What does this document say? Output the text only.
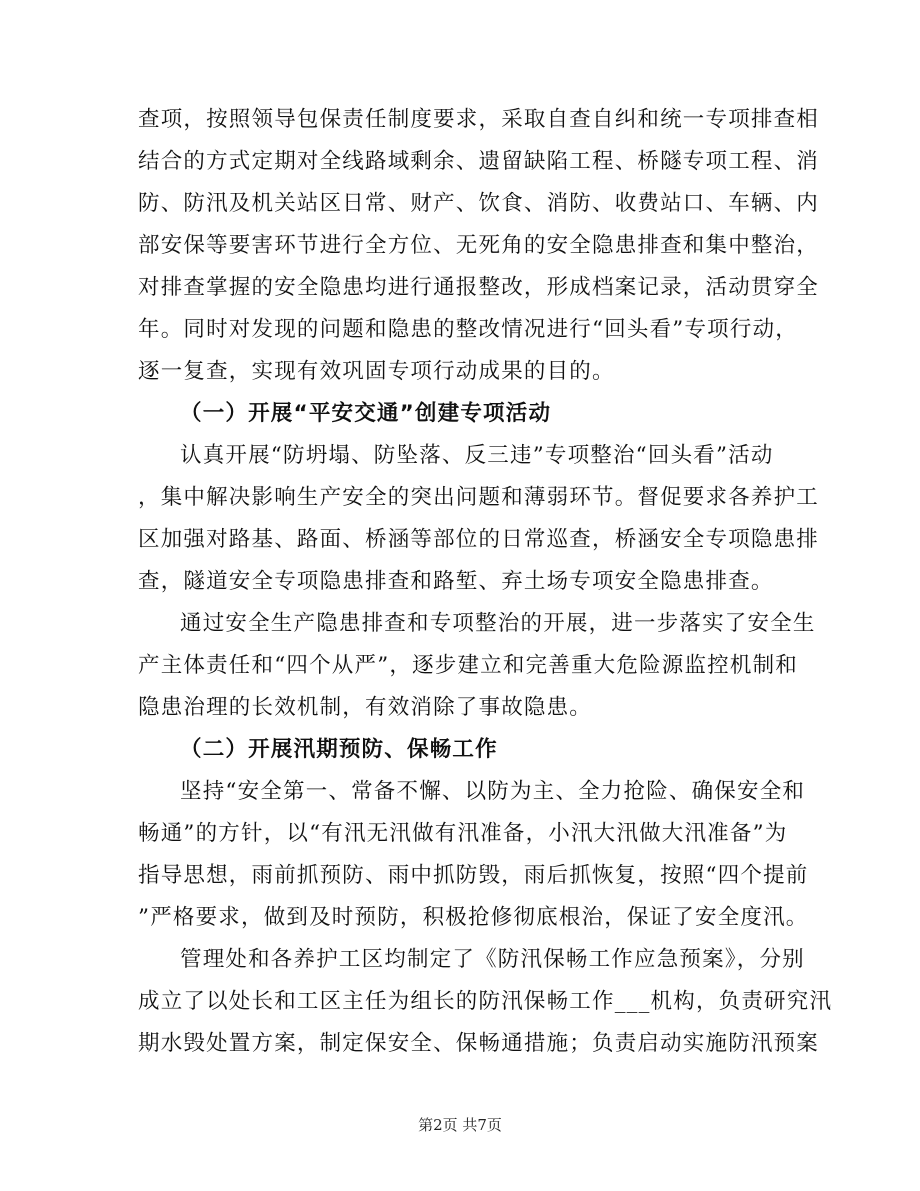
查项，按照领导包保责任制度要求，采取自查自纠和统一专项排查相
结合的方式定期对全线路域剩余、遗留缺陷工程、桥隧专项工程、消
防、防汛及机关站区日常、财产、饮食、消防、收费站口、车辆、内
部安保等要害环节进行全方位、无死角的安全隐患排查和集中整治，
对排查掌握的安全隐患均进行通报整改，形成档案记录，活动贯穿全
年。同时对发现的问题和隐患的整改情况进行“回头看”专项行动，
逐一复查，实现有效巩固专项行动成果的目的。
（一）开展“平安交通”创建专项活动
认真开展“防坍塌、防坠落、反三违”专项整治“回头看”活动
，集中解决影响生产安全的突出问题和薄弱环节。督促要求各养护工
区加强对路基、路面、桥涵等部位的日常巡查，桥涵安全专项隐患排
查，隧道安全专项隐患排查和路堑、弃土场专项安全隐患排查。
通过安全生产隐患排查和专项整治的开展，进一步落实了安全生
产主体责任和“四个从严”，逐步建立和完善重大危险源监控机制和
隐患治理的长效机制，有效消除了事故隐患。
（二）开展汛期预防、保畅工作
坚持“安全第一、常备不懈、以防为主、全力抢险、确保安全和
畅通”的方针，以“有汛无汛做有汛准备，小汛大汛做大汛准备”为
指导思想，雨前抓预防、雨中抓防毁，雨后抓恢复，按照“四个提前
”严格要求，做到及时预防，积极抢修彻底根治，保证了安全度汛。
管理处和各养护工区均制定了《防汛保畅工作应急预案》，分别
成立了以处长和工区主任为组长的防汛保畅工作___机构，负责研究汛
期水毁处置方案，制定保安全、保畅通措施；负责启动实施防汛预案
第2页 共7页
